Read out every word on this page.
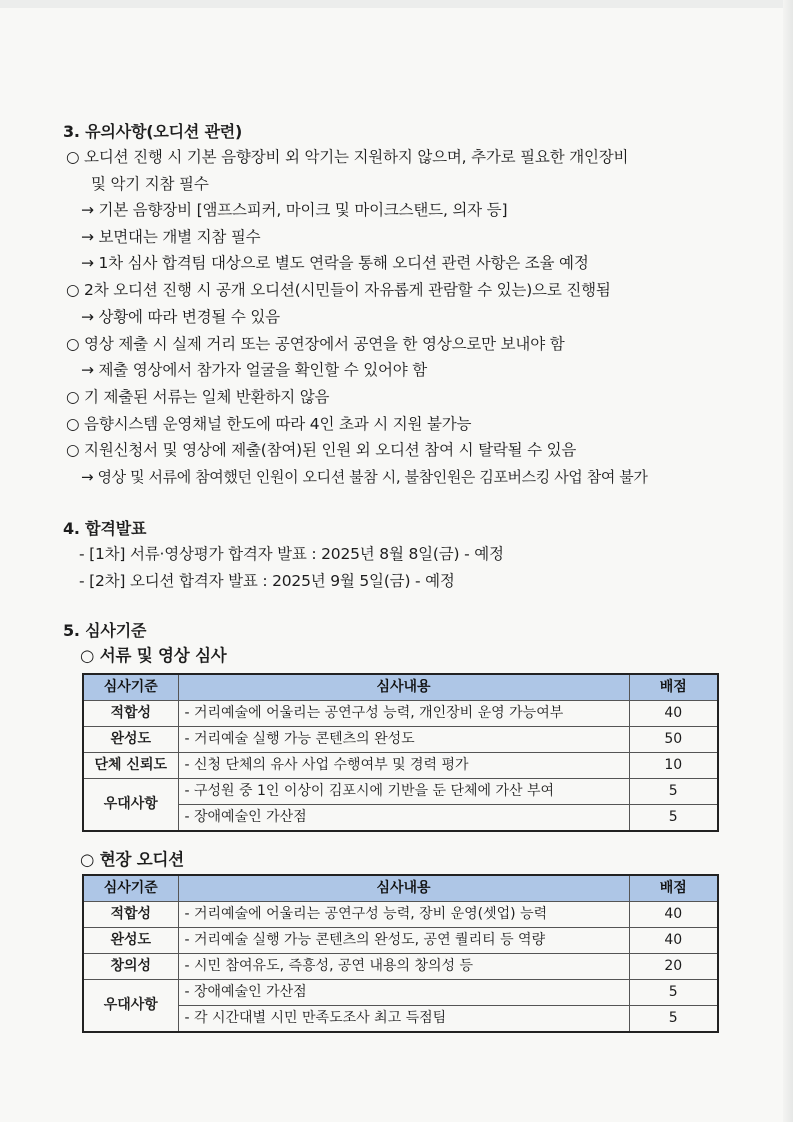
3. 유의사항(오디션 관련)
○ 오디션 진행 시 기본 음향장비 외 악기는 지원하지 않으며, 추가로 필요한 개인장비
및 악기 지참 필수
→ 기본 음향장비 [앰프스피커, 마이크 및 마이크스탠드, 의자 등]
→ 보면대는 개별 지참 필수
→ 1차 심사 합격팀 대상으로 별도 연락을 통해 오디션 관련 사항은 조율 예정
○ 2차 오디션 진행 시 공개 오디션(시민들이 자유롭게 관람할 수 있는)으로 진행됨
→ 상황에 따라 변경될 수 있음
○ 영상 제출 시 실제 거리 또는 공연장에서 공연을 한 영상으로만 보내야 함
→ 제출 영상에서 참가자 얼굴을 확인할 수 있어야 함
○ 기 제출된 서류는 일체 반환하지 않음
○ 음향시스템 운영채널 한도에 따라 4인 초과 시 지원 불가능
○ 지원신청서 및 영상에 제출(참여)된 인원 외 오디션 참여 시 탈락될 수 있음
→ 영상 및 서류에 참여했던 인원이 오디션 불참 시, 불참인원은 김포버스킹 사업 참여 불가
4. 합격발표
- [1차] 서류·영상평가 합격자 발표 : 2025년 8월 8일(금) - 예정
- [2차] 오디션 합격자 발표 : 2025년 9월 5일(금) - 예정
5. 심사기준
○ 서류 및 영상 심사
심사기준	심사내용	배점
적합성	- 거리예술에 어울리는 공연구성 능력, 개인장비 운영 가능여부	40
완성도	- 거리예술 실행 가능 콘텐츠의 완성도	50
단체 신뢰도	- 신청 단체의 유사 사업 수행여부 및 경력 평가	10
우대사항	- 구성원 중 1인 이상이 김포시에 기반을 둔 단체에 가산 부여	5
	- 장애예술인 가산점	5
○ 현장 오디션
심사기준	심사내용	배점
적합성	- 거리예술에 어울리는 공연구성 능력, 장비 운영(셋업) 능력	40
완성도	- 거리예술 실행 가능 콘텐츠의 완성도, 공연 퀄리티 등 역량	40
창의성	- 시민 참여유도, 즉흥성, 공연 내용의 창의성 등	20
우대사항	- 장애예술인 가산점	5
	- 각 시간대별 시민 만족도조사 최고 득점팀	5
